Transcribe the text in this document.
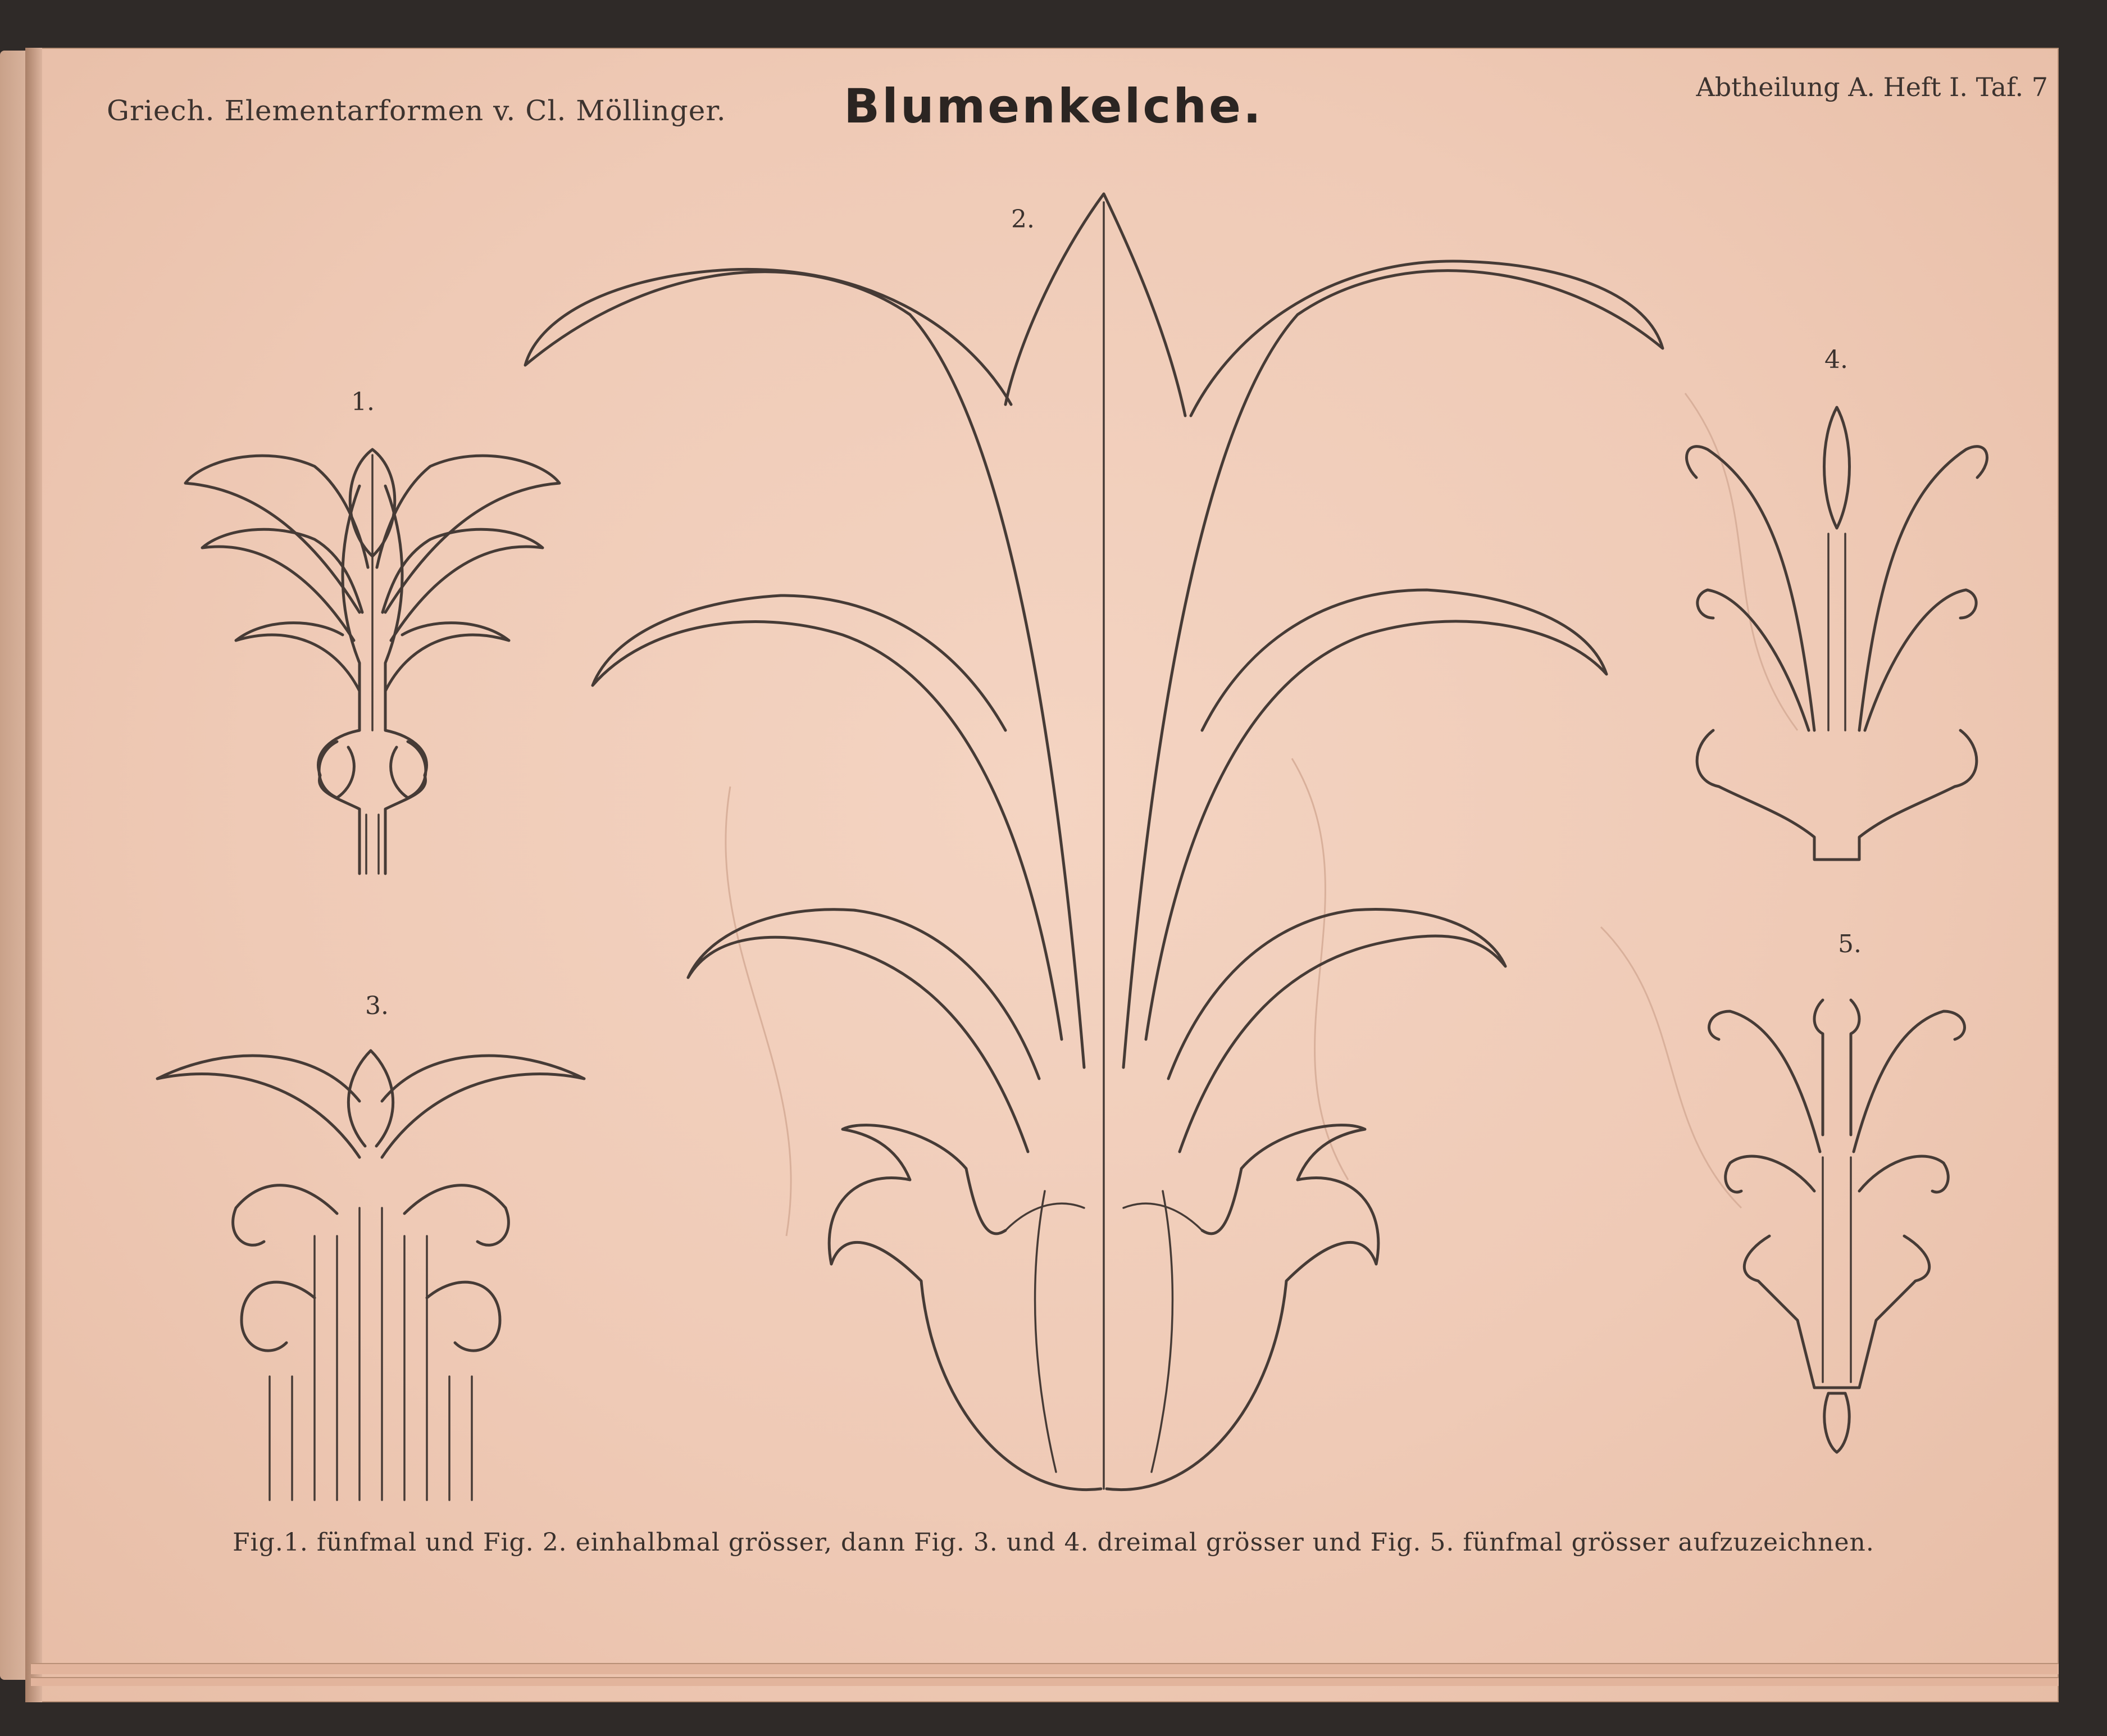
Griech. Elementarformen v. Cl. Möllinger.	Blumenkelche.	Abtheilung A. Heft I. Taf. 7
1.
2.
3.
4.
5.
Fig.1. fünfmal und Fig. 2. einhalbmal grösser, dann Fig. 3. und 4. dreimal grösser und Fig. 5. fünfmal grösser aufzuzeichnen.
